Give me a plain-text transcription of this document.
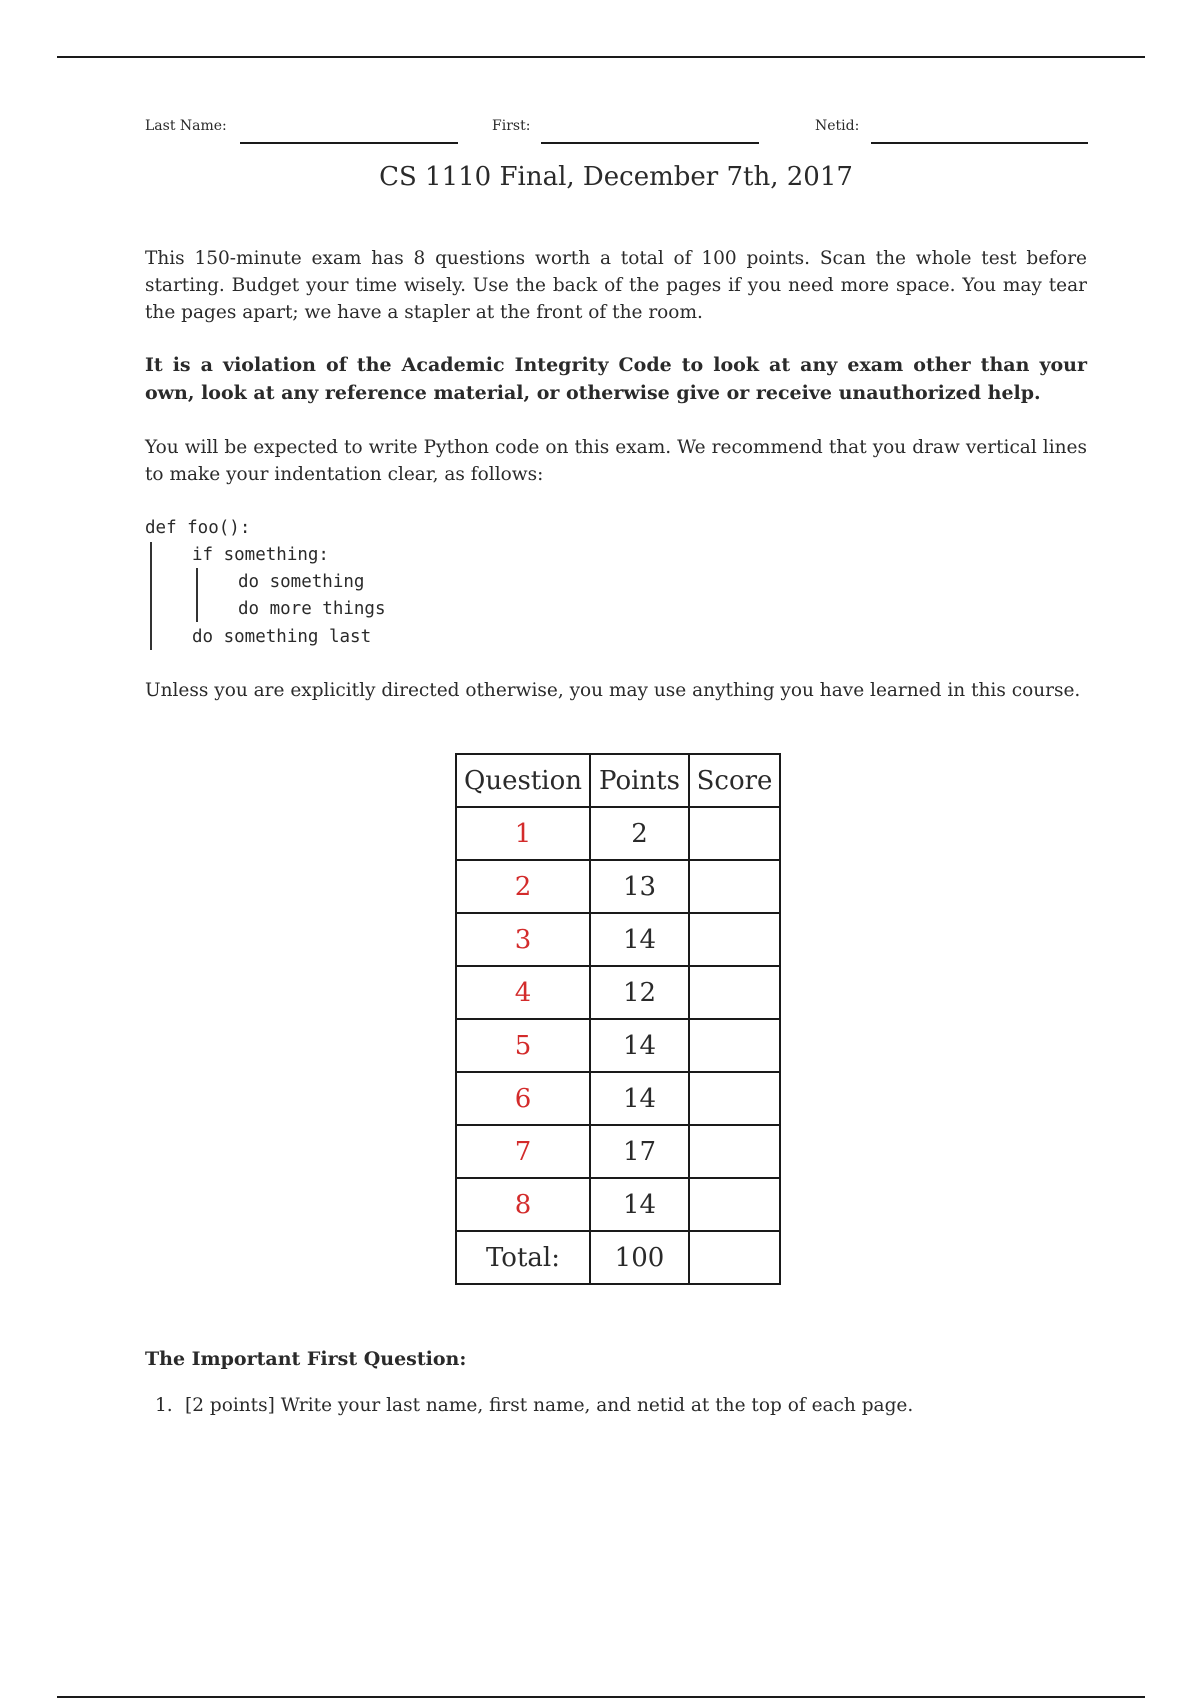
Last Name:	First:	Netid:
CS 1110 Final, December 7th, 2017
This 150-minute exam has 8 questions worth a total of 100 points. Scan the whole test before starting. Budget your time wisely. Use the back of the pages if you need more space. You may tear the pages apart; we have a stapler at the front of the room.
It is a violation of the Academic Integrity Code to look at any exam other than your own, look at any reference material, or otherwise give or receive unauthorized help.
You will be expected to write Python code on this exam. We recommend that you draw vertical lines to make your indentation clear, as follows:
def foo():
if something:
do something
do more things
do something last
Unless you are explicitly directed otherwise, you may use anything you have learned in this course.
Question	Points	Score
1	2	
2	13	
3	14	
4	12	
5	14	
6	14	
7	17	
8	14	
Total:	100	
The Important First Question:
1. [2 points] Write your last name, first name, and netid at the top of each page.
